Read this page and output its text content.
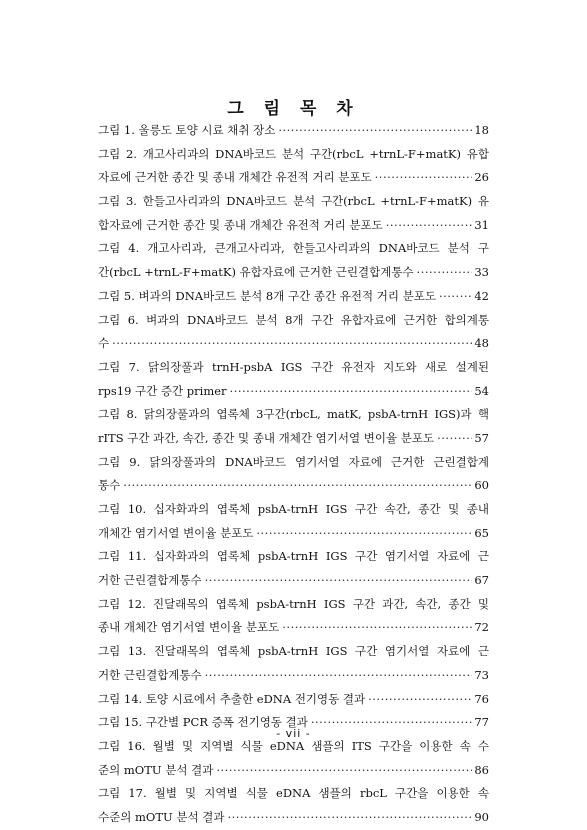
그 림 목 차
그림 1. 울릉도 토양 시료 채취 장소 ·····	18
그림 2. 개고사리과의 DNA바코드 분석 구간(rbcL +trnL-F+matK) 유합
자료에 근거한 종간 및 종내 개체간 유전적 거리 분포도 ·····	26
그림 3. 한들고사리과의 DNA바코드 분석 구간(rbcL +trnL-F+matK) 유
합자료에 근거한 종간 및 종내 개체간 유전적 거리 분포도 ·····	31
그림 4. 개고사리과, 큰개고사리과, 한들고사리과의 DNA바코드 분석 구
간(rbcL +trnL-F+matK) 유합자료에 근거한 근린결합계통수 ·····	33
그림 5. 벼과의 DNA바코드 분석 8개 구간 종간 유전적 거리 분포도 ·····	42
그림 6. 벼과의 DNA바코드 분석 8개 구간 유합자료에 근거한 합의계통
수 ·····	48
그림 7. 닭의장풀과 trnH-psbA IGS 구간 유전자 지도와 새로 설계된
rps19 구간 증간 primer ·····	54
그림 8. 닭의장풀과의 엽록체 3구간(rbcL, matK, psbA-trnH IGS)과 핵
rITS 구간 과간, 속간, 종간 및 종내 개체간 염기서열 변이율 분포도 ·····	57
그림 9. 닭의장풀과의 DNA바코드 염기서열 자료에 근거한 근린결합계
통수 ·····	60
그림 10. 십자화과의 엽록체 psbA-trnH IGS 구간 속간, 종간 및 종내
개체간 염기서열 변이율 분포도 ·····	65
그림 11. 십자화과의 엽록체 psbA-trnH IGS 구간 염기서열 자료에 근
거한 근린결합계통수 ·····	67
그림 12. 진달래목의 엽록체 psbA-trnH IGS 구간 과간, 속간, 종간 및
종내 개체간 염기서열 변이율 분포도 ·····	72
그림 13. 진달래목의 엽록체 psbA-trnH IGS 구간 염기서열 자료에 근
거한 근린결합계통수 ·····	73
그림 14. 토양 시료에서 추출한 eDNA 전기영동 결과 ·····	76
그림 15. 구간별 PCR 증폭 전기영동 결과 ·····	77
그림 16. 월별 및 지역별 식물 eDNA 샘플의 ITS 구간을 이용한 속 수
준의 mOTU 분석 결과 ·····	86
그림 17. 월별 및 지역별 식물 eDNA 샘플의 rbcL 구간을 이용한 속
수준의 mOTU 분석 결과 ·····	90
- vii -
